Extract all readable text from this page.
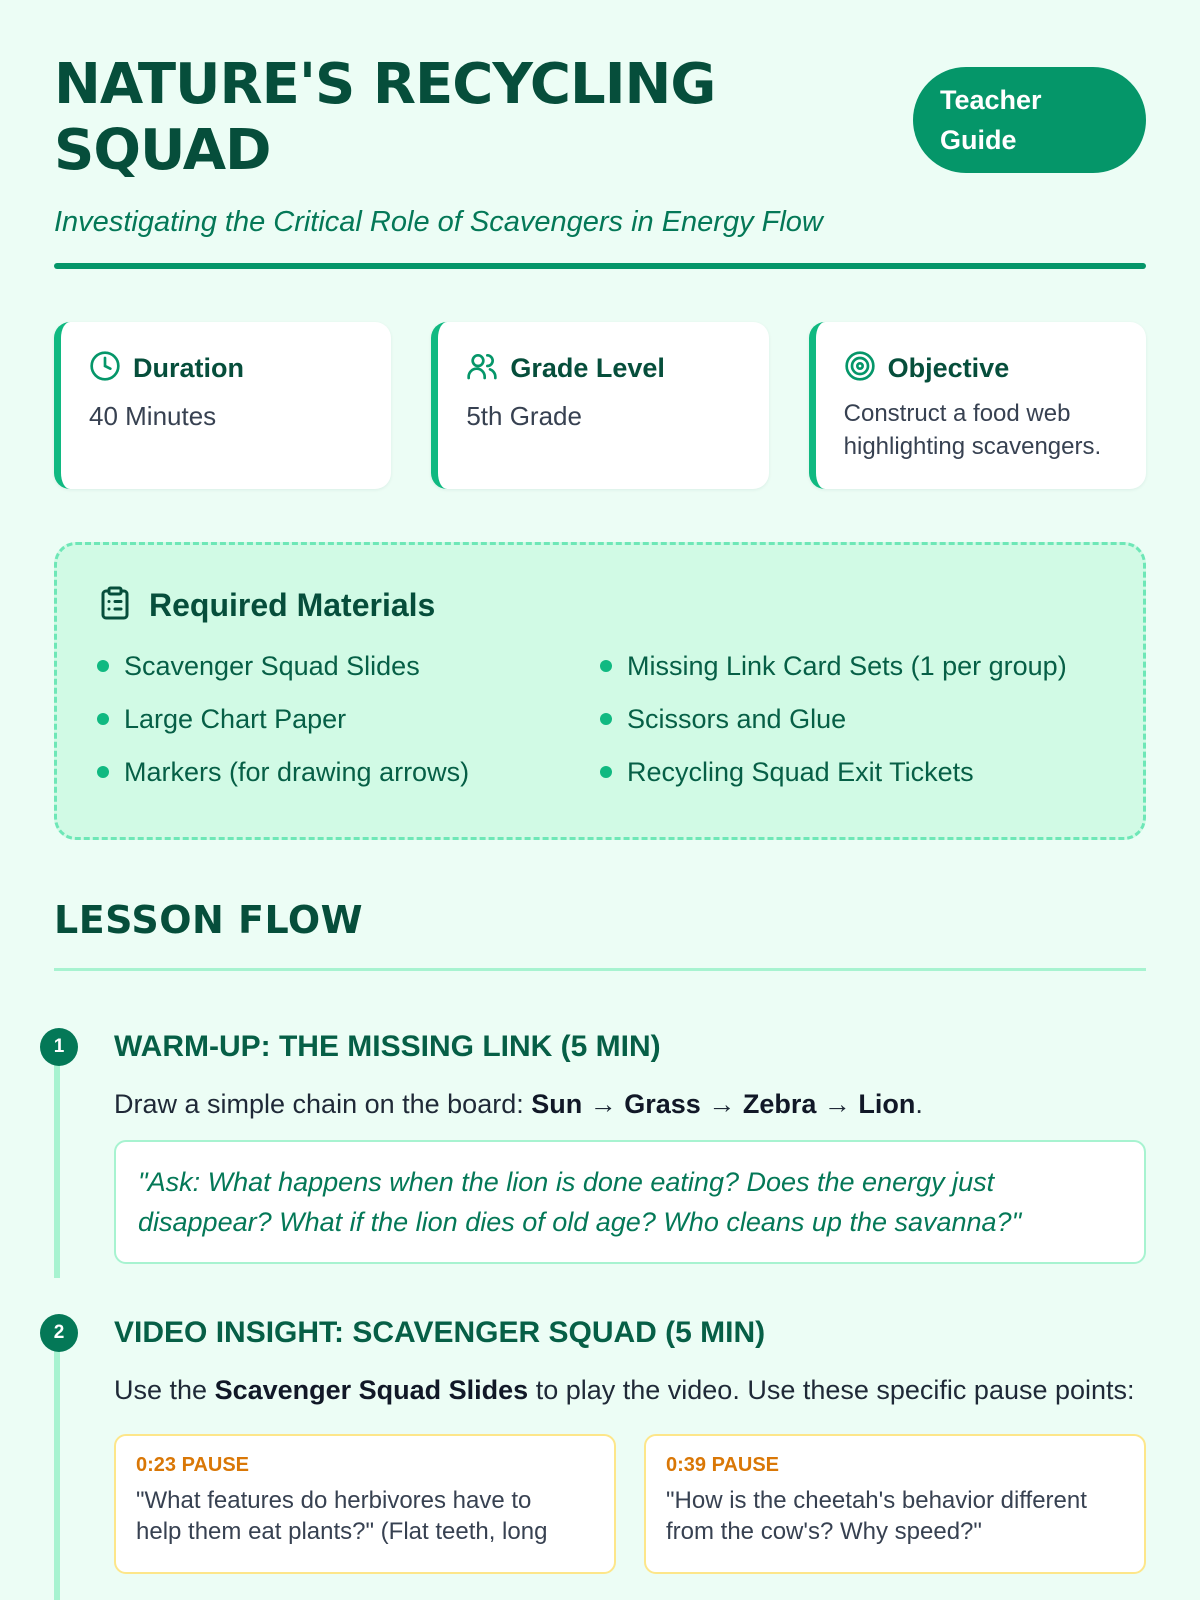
NATURE'S RECYCLING
SQUAD
Teacher
Guide
Investigating the Critical Role of Scavengers in Energy Flow
Duration
40 Minutes
Grade Level
5th Grade
Objective
Construct a food web
highlighting scavengers.
Required Materials
Scavenger Squad Slides
Large Chart Paper
Markers (for drawing arrows)
Missing Link Card Sets (1 per group)
Scissors and Glue
Recycling Squad Exit Tickets
LESSON FLOW
1	WARM-UP: THE MISSING LINK (5 MIN)
Draw a simple chain on the board: Sun → Grass → Zebra → Lion.
"Ask: What happens when the lion is done eating? Does the energy just
disappear? What if the lion dies of old age? Who cleans up the savanna?"
2	VIDEO INSIGHT: SCAVENGER SQUAD (5 MIN)
Use the Scavenger Squad Slides to play the video. Use these specific pause points:
0:23 PAUSE
"What features do herbivores have to
help them eat plants?" (Flat teeth, long
0:39 PAUSE
"How is the cheetah's behavior different
from the cow's? Why speed?"
